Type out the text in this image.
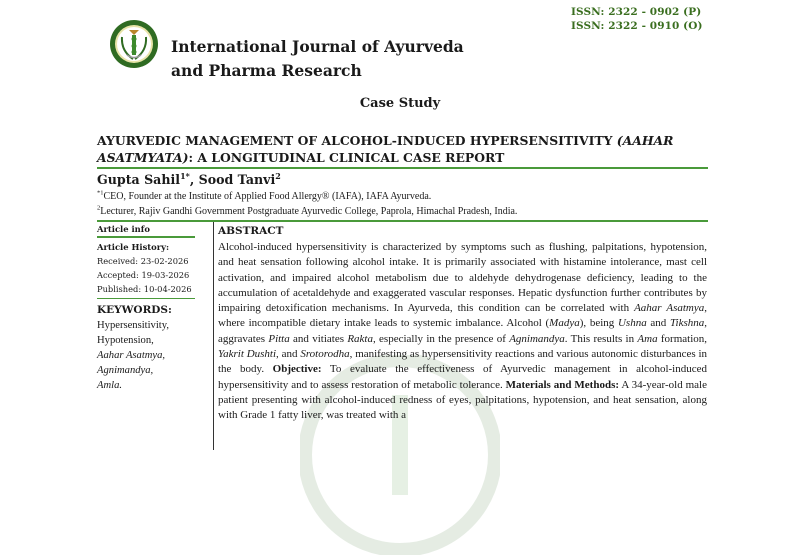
ISSN: 2322 - 0902 (P)
ISSN: 2322 - 0910 (O)
International Journal of Ayurveda
and Pharma Research
Case Study
AYURVEDIC MANAGEMENT OF ALCOHOL-INDUCED HYPERSENSITIVITY (AAHAR ASATMYATA): A LONGITUDINAL CLINICAL CASE REPORT
Gupta Sahil$^{1*}$, Sood Tanvi$^2$
$^{*1}$CEO, Founder at the Institute of Applied Food Allergy® (IAFA), IAFA Ayurveda.
$^2$Lecturer, Rajiv Gandhi Government Postgraduate Ayurvedic College, Paprola, Himachal Pradesh, India.
Article info
Article History:
Received: 23-02-2026
Accepted: 19-03-2026
Published: 10-04-2026
KEYWORDS:
Hypersensitivity,
Hypotension,
Aahar Asatmya,
Agnimandya,
Amla.
ABSTRACT
Alcohol-induced hypersensitivity is characterized by symptoms such as flushing, palpitations, hypotension, and heat sensation following alcohol intake. It is primarily associated with histamine intolerance, mast cell activation, and impaired alcohol metabolism due to aldehyde dehydrogenase deficiency, leading to the accumulation of acetaldehyde and exaggerated vascular responses. Hepatic dysfunction further contributes by impairing detoxification mechanisms. In Ayurveda, this condition can be correlated with Aahar Asatmya, where incompatible dietary intake leads to systemic imbalance. Alcohol (Madya), being Ushna and Tikshna, aggravates Pitta and vitiates Rakta, especially in the presence of Agnimandya. This results in Ama formation, Yakrit Dushti, and Srotorodha, manifesting as hypersensitivity reactions and various autonomic disturbances in the body. Objective: To evaluate the effectiveness of Ayurvedic management in alcohol-induced hypersensitivity and to assess restoration of metabolic tolerance. Materials and Methods: A 34-year-old male patient presenting with alcohol-induced redness of eyes, palpitations, hypotension, and heat sensation, along with Grade 1 fatty liver, was treated with a
